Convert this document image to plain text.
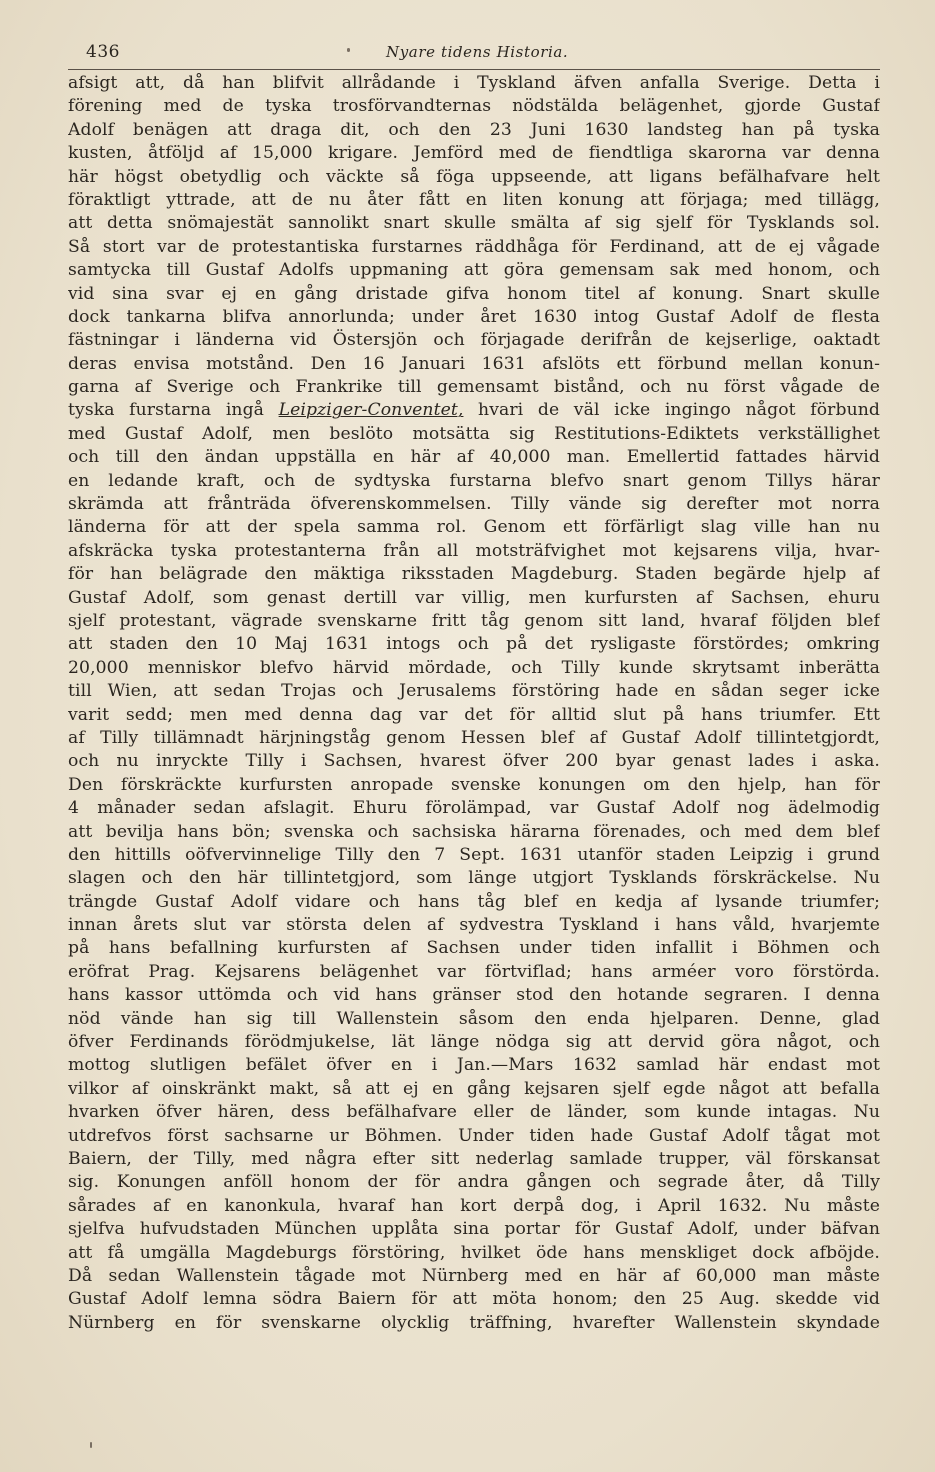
436	Nyare tidens Historia.
afsigt att, då han blifvit allrådande i Tyskland äfven anfalla Sverige. Detta i
förening med de tyska trosförvandternas nödstälda belägenhet, gjorde Gustaf
Adolf benägen att draga dit, och den 23 Juni 1630 landsteg han på tyska
kusten, åtföljd af 15,000 krigare. Jemförd med de fiendtliga skarorna var denna
här högst obetydlig och väckte så föga uppseende, att ligans befälhafvare helt
föraktligt yttrade, att de nu åter fått en liten konung att förjaga; med tillägg,
att detta snömajestät sannolikt snart skulle smälta af sig sjelf för Tysklands sol.
Så stort var de protestantiska furstarnes räddhåga för Ferdinand, att de ej vågade
samtycka till Gustaf Adolfs uppmaning att göra gemensam sak med honom, och
vid sina svar ej en gång dristade gifva honom titel af konung. Snart skulle
dock tankarna blifva annorlunda; under året 1630 intog Gustaf Adolf de flesta
fästningar i länderna vid Östersjön och förjagade derifrån de kejserlige, oaktadt
deras envisa motstånd. Den 16 Januari 1631 afslöts ett förbund mellan konun-
garna af Sverige och Frankrike till gemensamt bistånd, och nu först vågade de
tyska furstarna ingå Leipziger-Conventet, hvari de väl icke ingingo något förbund
med Gustaf Adolf, men beslöto motsätta sig Restitutions-Ediktets verkställighet
och till den ändan uppställa en här af 40,000 man. Emellertid fattades härvid
en ledande kraft, och de sydtyska furstarna blefvo snart genom Tillys härar
skrämda att frånträda öfverenskommelsen. Tilly vände sig derefter mot norra
länderna för att der spela samma rol. Genom ett förfärligt slag ville han nu
afskräcka tyska protestanterna från all motsträfvighet mot kejsarens vilja, hvar-
för han belägrade den mäktiga riksstaden Magdeburg. Staden begärde hjelp af
Gustaf Adolf, som genast dertill var villig, men kurfursten af Sachsen, ehuru
sjelf protestant, vägrade svenskarne fritt tåg genom sitt land, hvaraf följden blef
att staden den 10 Maj 1631 intogs och på det rysligaste förstördes; omkring
20,000 menniskor blefvo härvid mördade, och Tilly kunde skrytsamt inberätta
till Wien, att sedan Trojas och Jerusalems förstöring hade en sådan seger icke
varit sedd; men med denna dag var det för alltid slut på hans triumfer. Ett
af Tilly tillämnadt härjningståg genom Hessen blef af Gustaf Adolf tillintetgjordt,
och nu inryckte Tilly i Sachsen, hvarest öfver 200 byar genast lades i aska.
Den förskräckte kurfursten anropade svenske konungen om den hjelp, han för
4 månader sedan afslagit. Ehuru förolämpad, var Gustaf Adolf nog ädelmodig
att bevilja hans bön; svenska och sachsiska härarna förenades, och med dem blef
den hittills oöfvervinnelige Tilly den 7 Sept. 1631 utanför staden Leipzig i grund
slagen och den här tillintetgjord, som länge utgjort Tysklands förskräckelse. Nu
trängde Gustaf Adolf vidare och hans tåg blef en kedja af lysande triumfer;
innan årets slut var största delen af sydvestra Tyskland i hans våld, hvarjemte
på hans befallning kurfursten af Sachsen under tiden infallit i Böhmen och
eröfrat Prag. Kejsarens belägenhet var förtviflad; hans arméer voro förstörda.
hans kassor uttömda och vid hans gränser stod den hotande segraren. I denna
nöd vände han sig till Wallenstein såsom den enda hjelparen. Denne, glad
öfver Ferdinands förödmjukelse, lät länge nödga sig att dervid göra något, och
mottog slutligen befälet öfver en i Jan.—Mars 1632 samlad här endast mot
vilkor af oinskränkt makt, så att ej en gång kejsaren sjelf egde något att befalla
hvarken öfver hären, dess befälhafvare eller de länder, som kunde intagas. Nu
utdrefvos först sachsarne ur Böhmen. Under tiden hade Gustaf Adolf tågat mot
Baiern, der Tilly, med några efter sitt nederlag samlade trupper, väl förskansat
sig. Konungen anföll honom der för andra gången och segrade åter, då Tilly
sårades af en kanonkula, hvaraf han kort derpå dog, i April 1632. Nu måste
sjelfva hufvudstaden München upplåta sina portar för Gustaf Adolf, under bäfvan
att få umgälla Magdeburgs förstöring, hvilket öde hans menskliget dock afböjde.
Då sedan Wallenstein tågade mot Nürnberg med en här af 60,000 man måste
Gustaf Adolf lemna södra Baiern för att möta honom; den 25 Aug. skedde vid
Nürnberg en för svenskarne olycklig träffning, hvarefter Wallenstein skyndade
